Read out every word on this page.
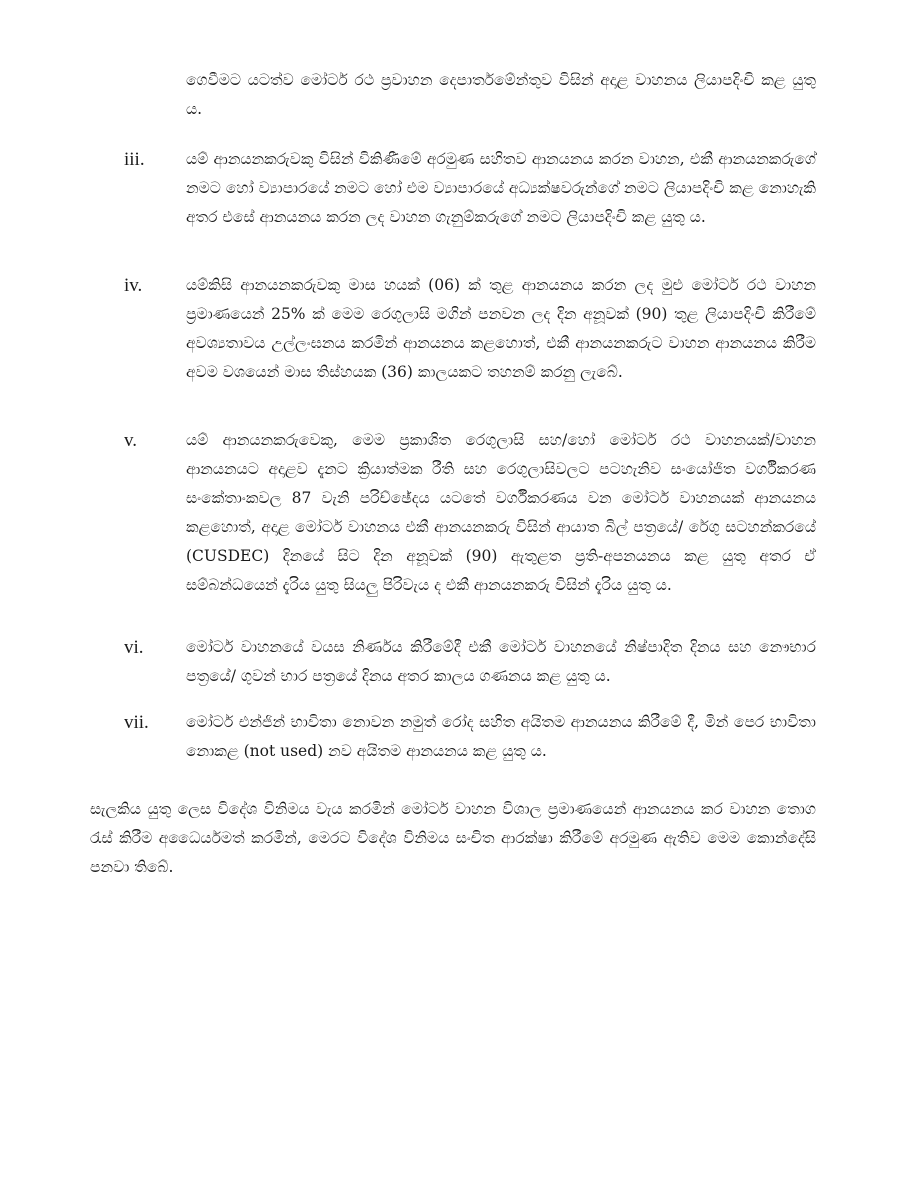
ගෙවීමට යටත්ව මෝටර් රථ ප්‍රවාහන දෙපාර්තමේන්තුව විසින් අදාළ වාහනය ලියාපදිංචි කළ යුතු ය.
iii.	යම් ආනයනකරුවකු විසින් විකිණීමේ අරමුණ සහිතව ආනයනය කරන වාහන, එකී ආනයනකරුගේ නමට හෝ ව්‍යාපාරයේ නමට හෝ එම ව්‍යාපාරයේ අධ්‍යක්ෂවරුන්ගේ නමට ලියාපදිංචි කළ නොහැකි අතර එසේ ආනයනය කරන ලද වාහන ගැනුම්කරුගේ නමට ලියාපදිංචි කළ යුතු ය.
iv.	යම්කිසි ආනයනකරුවකු මාස හයක් (06) ක් තුළ ආනයනය කරන ලද මුළු මෝටර් රථ වාහන ප්‍රමාණයෙන් 25% ක් මෙම රෙගුලාසි මගින් පනවන ලද දින අනූවක් (90) තුළ ලියාපදිංචි කිරීමේ අවශ්‍යතාවය උල්ලංඝනය කරමින් ආනයනය කළහොත්, එකී ආනයනකරුට වාහන ආනයනය කිරීම අවම වශයෙන් මාස තිස්හයක (36) කාලයකට තහනම් කරනු ලැබේ.
v.	යම් ආනයනකරුවෙකු, මෙම ප්‍රකාශිත රෙගුලාසි සහ/හෝ මෝටර් රථ වාහනයක්/වාහන ආනයනයට අදාළව දැනට ක්‍රියාත්මක රීති සහ රෙගුලාසිවලට පටහැනිව සංයෝජිත වර්ගීකරණ සංකේතාංකවල 87 වැනි පරිච්ඡේදය යටතේ වර්ගීකරණය වන මෝටර් වාහනයක් ආනයනය කළහොත්, අදාළ මෝටර් වාහනය එකී ආනයනකරු විසින් ආයාත බිල් පත්‍රයේ/ රේගු සටහන්කරයේ (CUSDEC) දිනයේ සිට දින අනූවක් (90) ඇතුළත ප්‍රති-අපනයනය කළ යුතු අතර ඒ සම්බන්ධයෙන් දැරිය යුතු සියලු පිරිවැය ද එකී ආනයනකරු විසින් දැරිය යුතු ය.
vi.	මෝටර් වාහනයේ වයස නිර්ණය කිරීමේදී එකී මෝටර් වාහනයේ නිෂ්පාදිත දිනය සහ නෞභාර පත්‍රයේ/ ගුවන් භාර පත්‍රයේ දිනය අතර කාලය ගණනය කළ යුතු ය.
vii. මෝටර් එන්ජින් භාවිතා නොවන නමුත් රෝද සහිත අයිතම ආනයනය කිරීමේ දී, මින් පෙර භාවිතා නොකළ (not used) නව අයිතම ආනයනය කළ යුතු ය.
සැලකිය යුතු ලෙස විදේශ විනිමය වැය කරමින් මෝටර් වාහන විශාල ප්‍රමාණයෙන් ආනයනය කර වාහන තොග රැස් කිරීම අධෛර්යමත් කරමින්, මෙරට විදේශ විනිමය සංචිත ආරක්ෂා කිරීමේ අරමුණ ඇතිව මෙම කොන්දේසි පනවා තිබේ.
